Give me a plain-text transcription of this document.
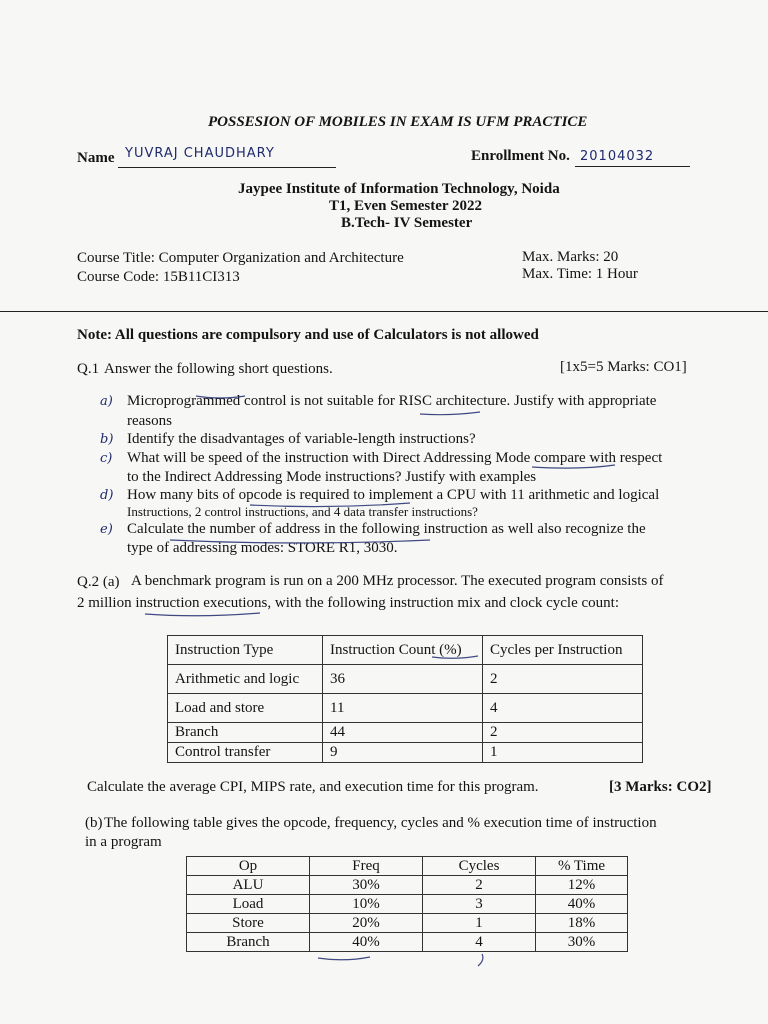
POSSESION OF MOBILES IN EXAM IS UFM PRACTICE
Name YUVRAJ CHAUDHARY	Enrollment No. 20104032
Jaypee Institute of Information Technology, Noida
T1, Even Semester 2022
B.Tech- IV Semester
Course Title: Computer Organization and Architecture
Course Code: 15B11CI313
Max. Marks: 20
Max. Time: 1 Hour
Note: All questions are compulsory and use of Calculators is not allowed
Q.1 Answer the following short questions.	[1x5=5 Marks: CO1]
a) Microprogrammed control is not suitable for RISC architecture. Justify with appropriate
reasons
b) Identify the disadvantages of variable-length instructions?
c) What will be speed of the instruction with Direct Addressing Mode compare with respect
to the Indirect Addressing Mode instructions? Justify with examples
d) How many bits of opcode is required to implement a CPU with 11 arithmetic and logical
Instructions, 2 control instructions, and 4 data transfer instructions?
e) Calculate the number of address in the following instruction as well also recognize the
type of addressing modes: STORE R1, 3030.
Q.2 (a) A benchmark program is run on a 200 MHz processor. The executed program consists of
2 million instruction executions, with the following instruction mix and clock cycle count:
Instruction Type	Instruction Count (%)	Cycles per Instruction
Arithmetic and logic	36	2
Load and store	11	4
Branch	44	2
Control transfer	9	1
Calculate the average CPI, MIPS rate, and execution time for this program.	[3 Marks: CO2]
(b) The following table gives the opcode, frequency, cycles and % execution time of instruction
in a program
Op	Freq	Cycles	% Time
ALU	30%	2	12%
Load	10%	3	40%
Store	20%	1	18%
Branch	40%	4	30%
